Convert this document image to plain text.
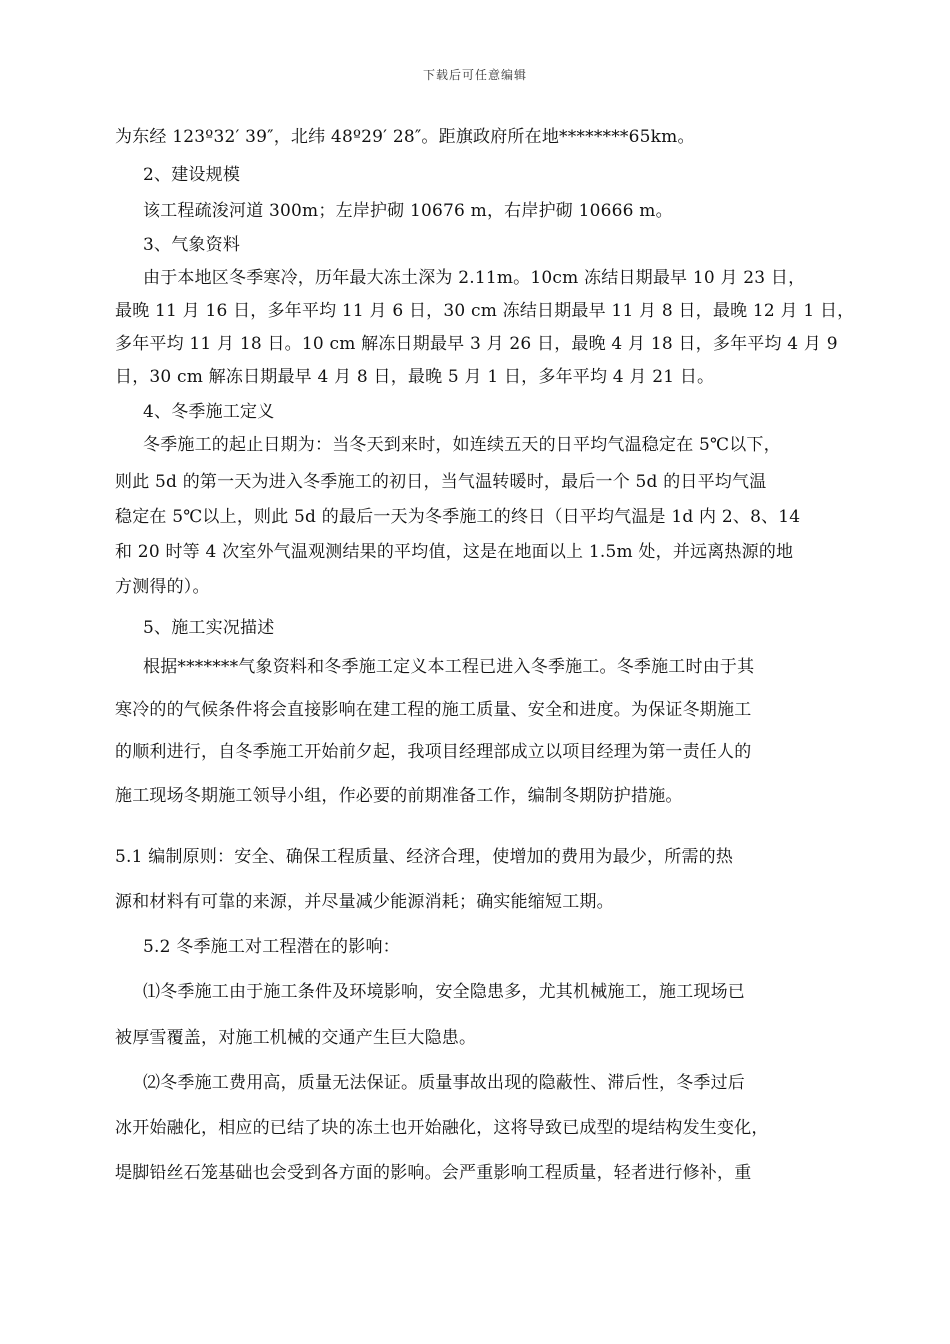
下载后可任意编辑
为东经 123º32′ 39″，北纬 48º29′ 28″。距旗政府所在地********65km。
2、建设规模
该工程疏浚河道 300m；左岸护砌 10676 m，右岸护砌 10666 m。
3、气象资料
由于本地区冬季寒冷，历年最大冻土深为 2.11m。10cm 冻结日期最早 10 月 23 日，
最晚 11 月 16 日，多年平均 11 月 6 日，30 cm 冻结日期最早 11 月 8 日，最晚 12 月 1 日，
多年平均 11 月 18 日。10 cm 解冻日期最早 3 月 26 日，最晚 4 月 18 日，多年平均 4 月 9
日，30 cm 解冻日期最早 4 月 8 日，最晚 5 月 1 日，多年平均 4 月 21 日。
4、冬季施工定义
冬季施工的起止日期为：当冬天到来时，如连续五天的日平均气温稳定在 5℃以下，
则此 5d 的第一天为进入冬季施工的初日，当气温转暖时，最后一个 5d 的日平均气温
稳定在 5℃以上，则此 5d 的最后一天为冬季施工的终日（日平均气温是 1d 内 2、8、14
和 20 时等 4 次室外气温观测结果的平均值，这是在地面以上 1.5m 处，并远离热源的地
方测得的）。
5、施工实况描述
根据*******气象资料和冬季施工定义本工程已进入冬季施工。冬季施工时由于其
寒冷的的气候条件将会直接影响在建工程的施工质量、安全和进度。为保证冬期施工
的顺利进行，自冬季施工开始前夕起，我项目经理部成立以项目经理为第一责任人的
施工现场冬期施工领导小组，作必要的前期准备工作，编制冬期防护措施。
5.1 编制原则：安全、确保工程质量、经济合理，使增加的费用为最少，所需的热
源和材料有可靠的来源，并尽量减少能源消耗；确实能缩短工期。
5.2 冬季施工对工程潜在的影响：
⑴冬季施工由于施工条件及环境影响，安全隐患多，尤其机械施工，施工现场已
被厚雪覆盖，对施工机械的交通产生巨大隐患。
⑵冬季施工费用高，质量无法保证。质量事故出现的隐蔽性、滞后性，冬季过后
冰开始融化，相应的已结了块的冻土也开始融化，这将导致已成型的堤结构发生变化，
堤脚铅丝石笼基础也会受到各方面的影响。会严重影响工程质量，轻者进行修补，重
